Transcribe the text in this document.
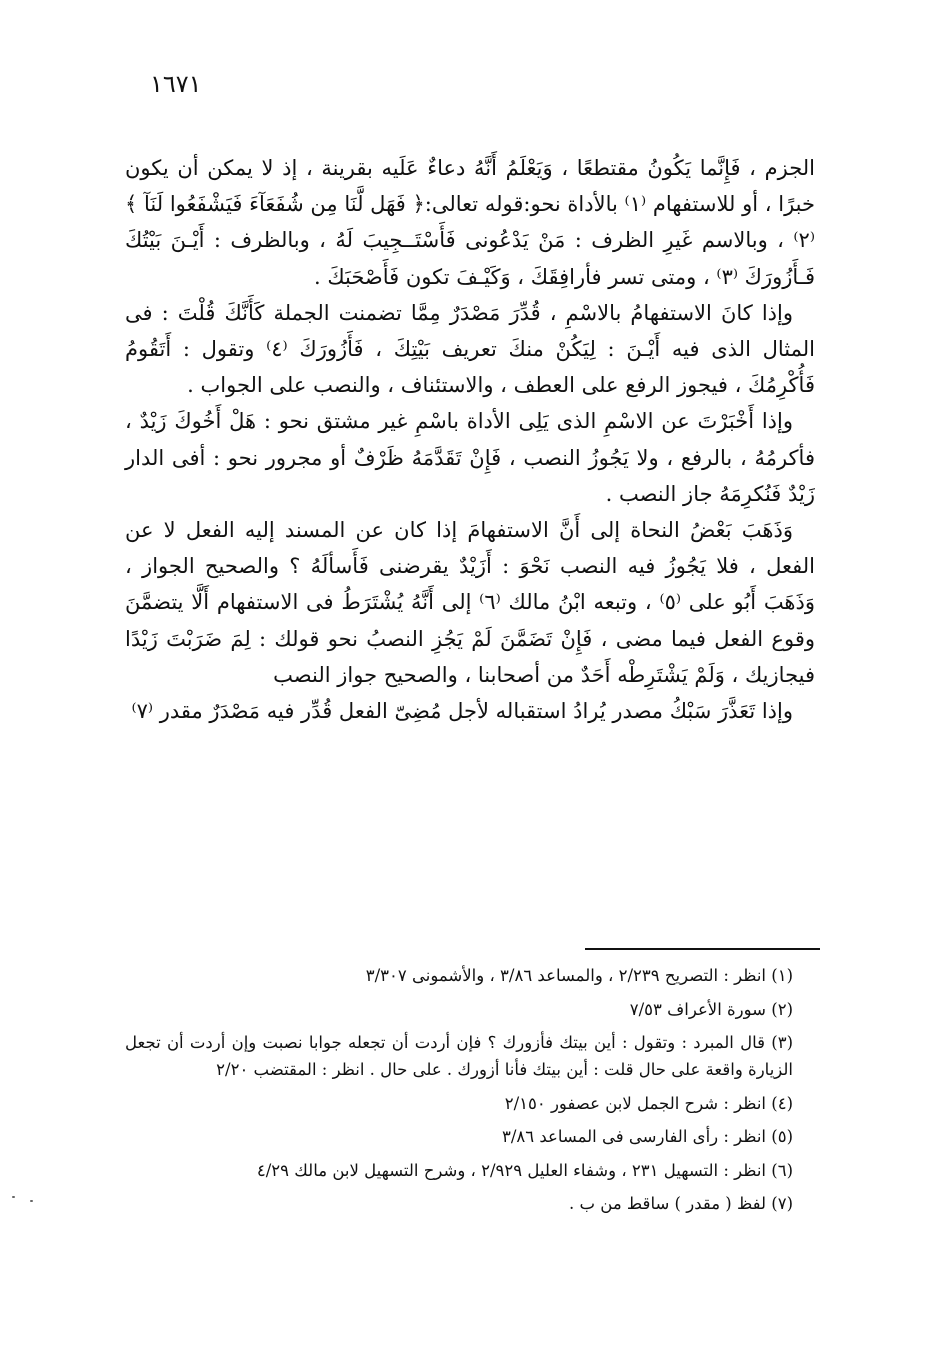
١٦٧١

الجزم ، فَإِنَّما يَكُونُ مقتطعًا ، وَيَعْلَمُ أَنَّهُ دعاءٌ عَلَيه بقرينة ، إذ لا يمكن أن يكون خبرًا ، أو للاستفهام ⁽١⁾ بالأداة نحو:قوله تعالى:﴿ فَهَل لَّنَا مِن شُفَعَآءَ فَيَشْفَعُوا لَنَآ ﴾ ⁽٢⁾ ، وبالاسم غَيرِ الظرف : مَنْ يَدْعُونى فَأَسْتَــجِيبَ لَهُ ، وبالظرف : أَيْـنَ بَيْتُكَ فَـأَزُورَكَ ⁽٣⁾ ، ومتى تسر فأرافِقَكَ ، وَكَيْـفَ تكون فَأَصْحَبَكَ .

وإذا كانَ الاستفهامُ بالاسْمِ ، قُدِّرَ مَصْدَرٌ مِمَّا تضمنت الجملة كَأَنَّكَ قُلْتَ : فى المثال الذى فيه أَيْـنَ : لِيَكُنْ منكَ تعريف بَيْتِكَ ، فَأَزُورَكَ ⁽٤⁾ وتقول : أَتَقُومُ فَأُكْرِمُكَ ، فيجوز الرفع على العطف ، والاستئناف ، والنصب على الجواب .

وإذا أَخْبَرْتَ عن الاسْمِ الذى يَلِى الأداة باسْمِ غير مشتق نحو : هَلْ أَخُوكَ زَيْدٌ ، فأكرمُهُ ، بالرفع ، ولا يَجُوزُ النصب ، فَإِنْ تَقَدَّمَهُ ظَرْفٌ أو مجرور نحو : أفى الدار زَيْدٌ فَنُكرِمَهُ جاز النصب .

وَذَهَبَ بَعْضُ النحاة إلى أَنَّ الاستفهامَ إذا كان عن المسند إليه الفعل لا عن الفعل ، فلا يَجُوزُ فيه النصب نَحْوَ : أَزَيْدٌ يقرضنى فَأَسألَهُ ؟ والصحيح الجواز ، وَذَهَبَ أَبُو على ⁽٥⁾ ، وتبعه ابْنُ مالك ⁽٦⁾ إلى أَنَّهُ يُشْتَرَطُ فى الاستفهام أَلَّا يتضمَّنَ وقوع الفعل فيما مضى ، فَإِنْ تَضَمَّنَ لَمْ يَجُزِ النصبُ نحو قولك : لِمَ ضَرَبْتَ زَيْدًا فيجازيك ، وَلَمْ يَشْتَرِطْه أَحَدٌ من أصحابنا ، والصحيح جواز النصب

وإذا تَعَذَّرَ سَبْكُ مصدر يُرادُ استقباله لأجل مُضِىّ الفعل قُدِّر فيه مَصْدَرٌ مقدر ⁽٧⁾

(١) انظر : التصريح ٢/٢٣٩ ، والمساعد ٣/٨٦ ، والأشمونى ٣/٣٠٧

(٢) سورة الأعراف ٧/٥٣

(٣) قال المبرد : وتقول : أين بيتك فأزورك ؟ فإن أردت أن تجعله جوابا نصبت وإن أردت أن تجعل الزيارة واقعة على حال قلت : أين بيتك فأنا أزورك . على حال . انظر : المقتضب ٢/٢٠

(٤) انظر : شرح الجمل لابن عصفور ٢/١٥٠

(٥) انظر : رأى الفارسى فى المساعد ٣/٨٦

(٦) انظر : التسهيل ٢٣١ ، وشفاء العليل ٢/٩٢٩ ، وشرح التسهيل لابن مالك ٤/٢٩

(٧) لفظ ( مقدر ) ساقط من ب .
